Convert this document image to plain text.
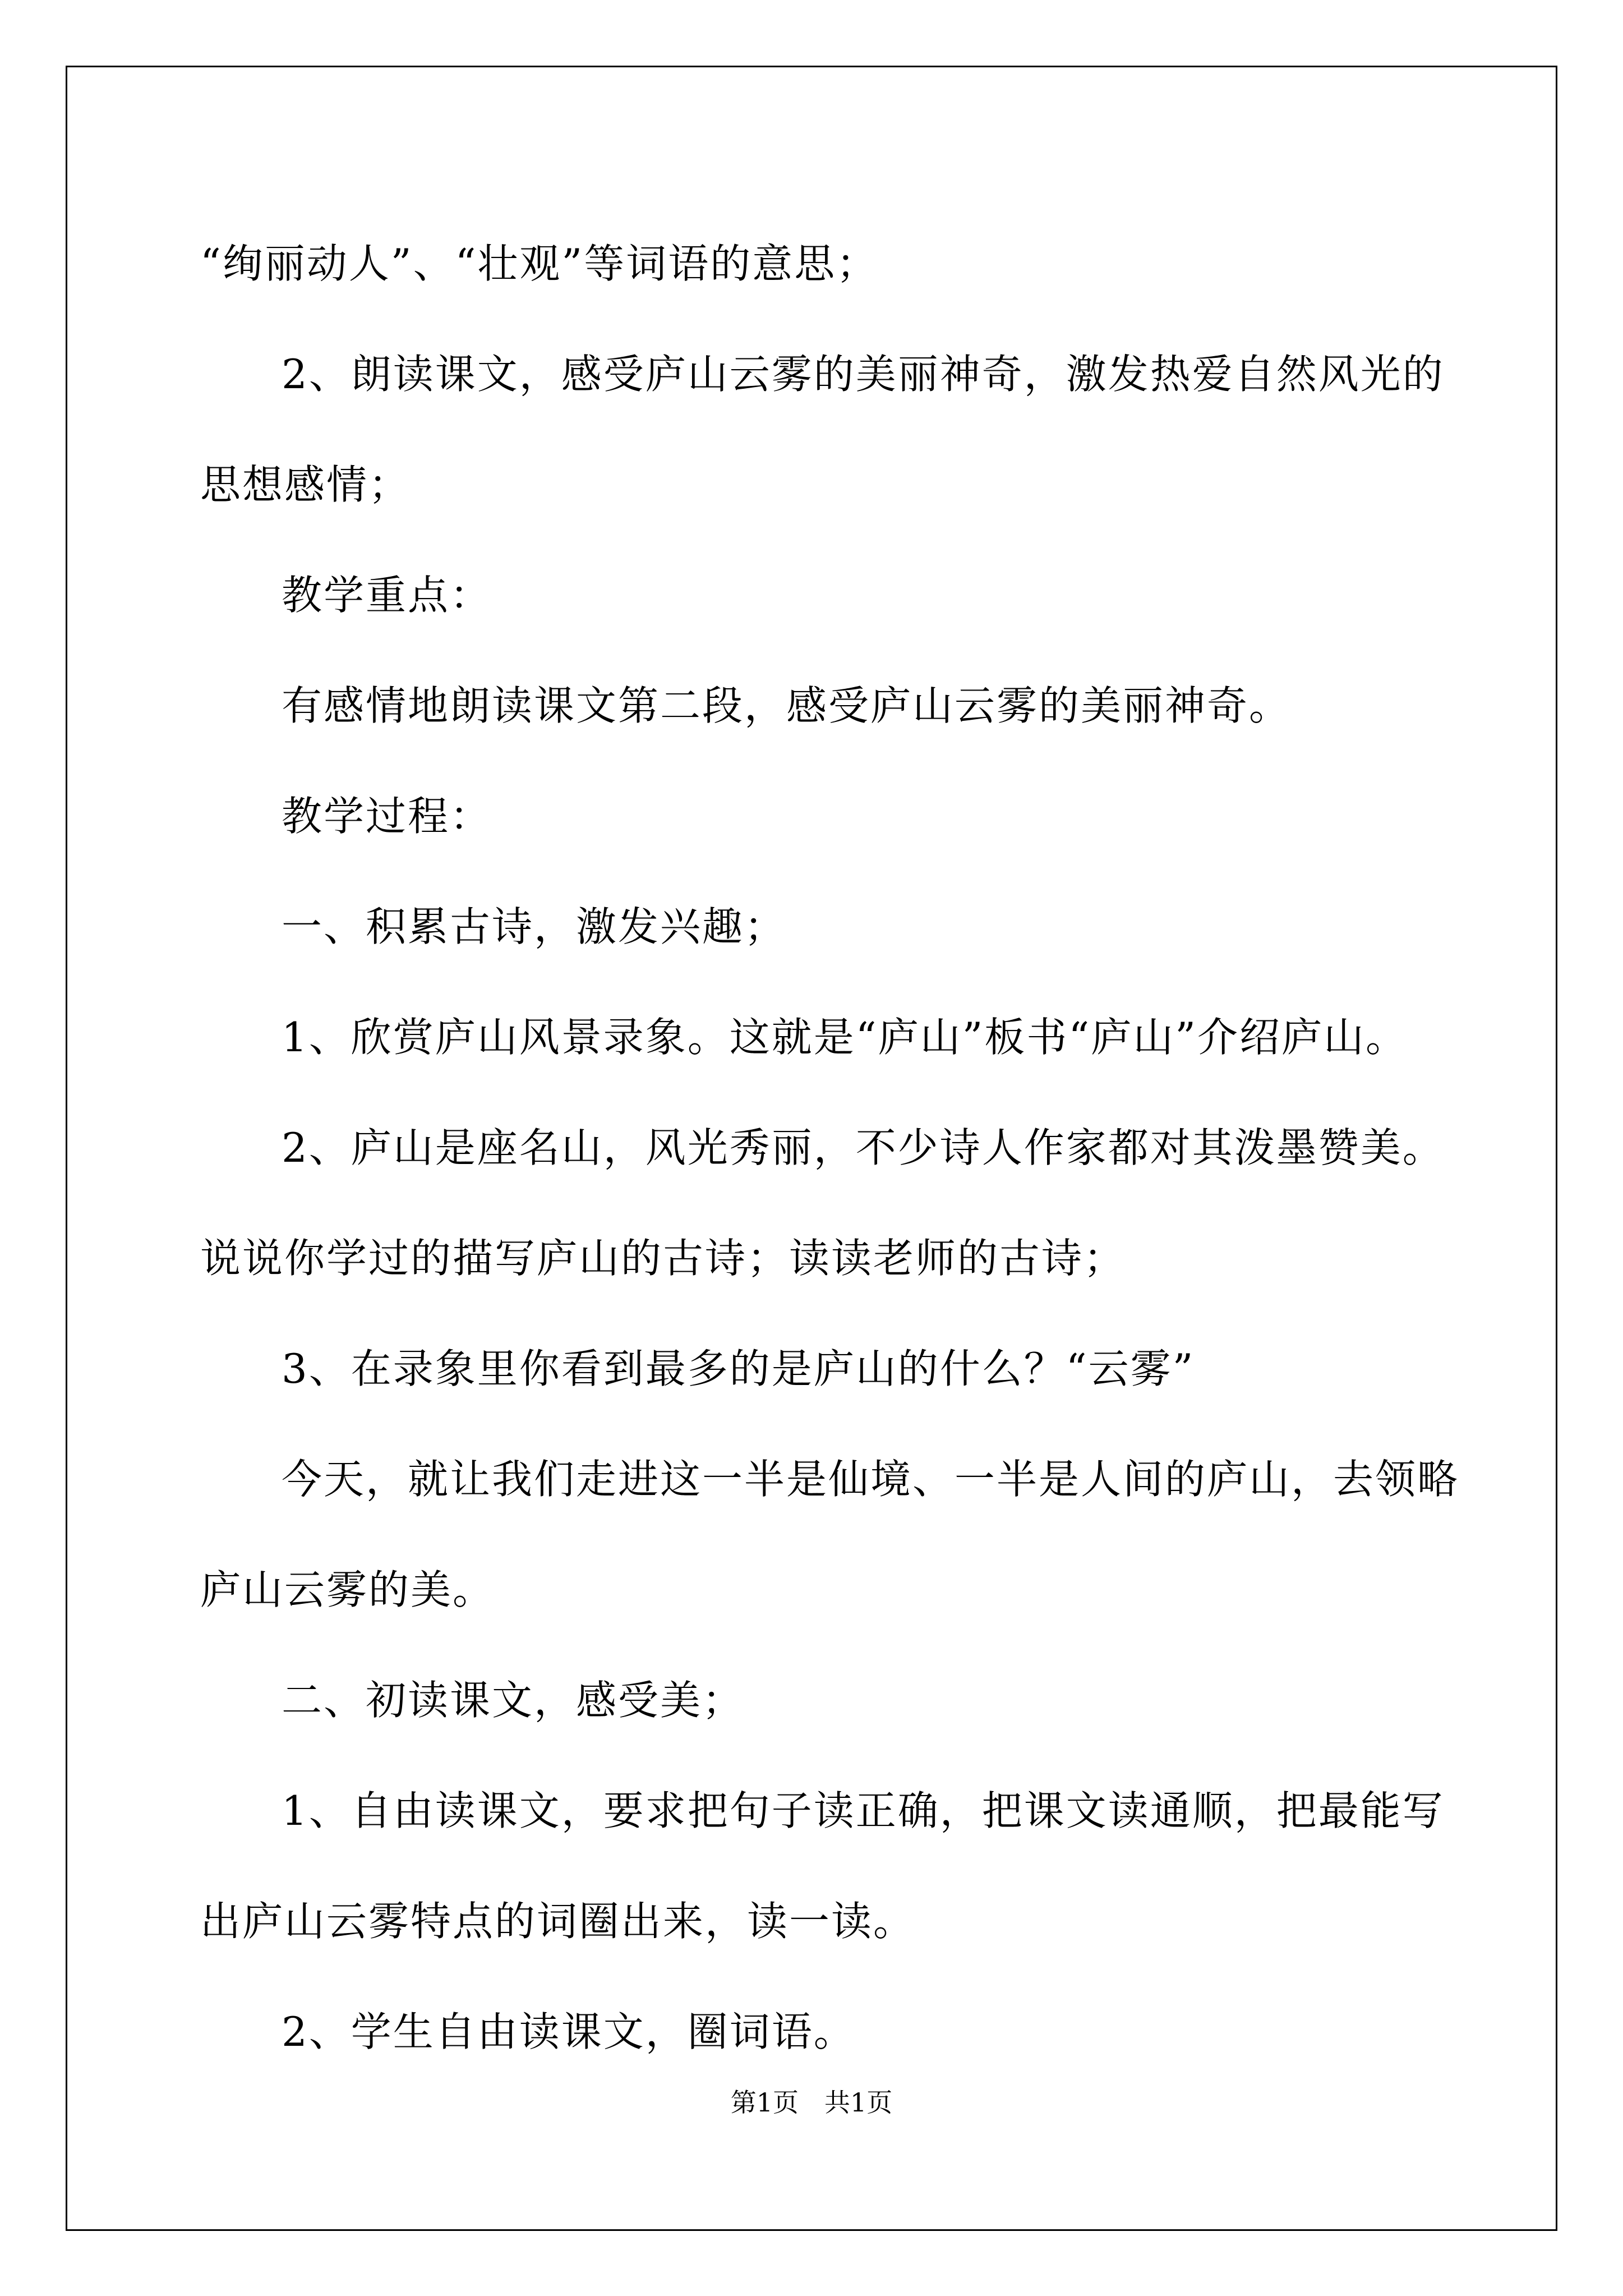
“绚丽动人”、“壮观”等词语的意思；

2、朗读课文，感受庐山云雾的美丽神奇，激发热爱自然风光的思想感情；

教学重点：

有感情地朗读课文第二段，感受庐山云雾的美丽神奇。

教学过程：

一、积累古诗，激发兴趣；

1、欣赏庐山风景录象。这就是“庐山”板书“庐山”介绍庐山。

2、庐山是座名山，风光秀丽，不少诗人作家都对其泼墨赞美。说说你学过的描写庐山的古诗；读读老师的古诗；

3、在录象里你看到最多的是庐山的什么？“云雾”

今天，就让我们走进这一半是仙境、一半是人间的庐山，去领略庐山云雾的美。

二、初读课文，感受美；

1、自由读课文，要求把句子读正确，把课文读通顺，把最能写出庐山云雾特点的词圈出来，读一读。

2、学生自由读课文，圈词语。

第1页　共1页
